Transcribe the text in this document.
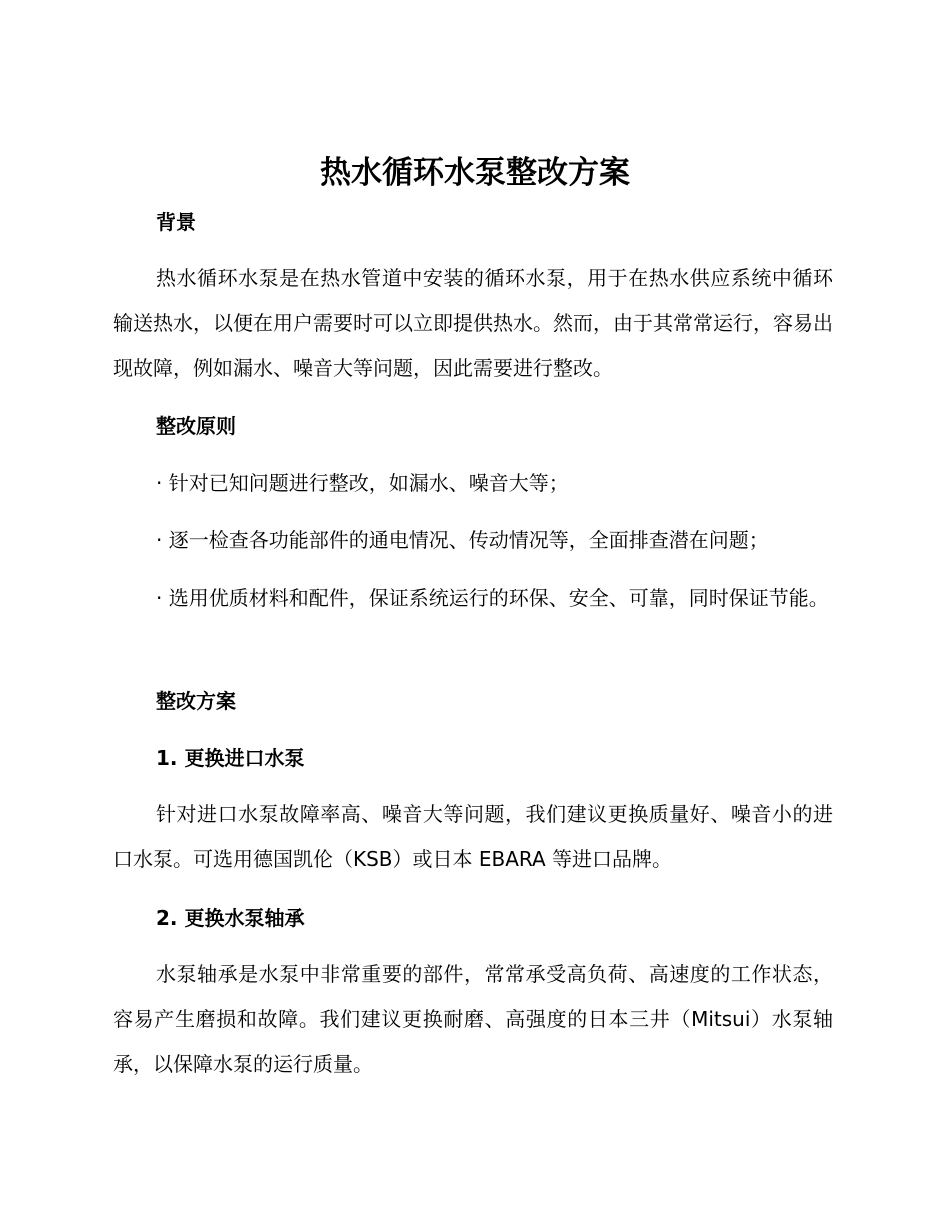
热水循环水泵整改方案
背景

热水循环水泵是在热水管道中安装的循环水泵，用于在热水供应系统中循环输送热水，以便在用户需要时可以立即提供热水。然而，由于其常常运行，容易出现故障，例如漏水、噪音大等问题，因此需要进行整改。

整改原则

· 针对已知问题进行整改，如漏水、噪音大等；

· 逐一检查各功能部件的通电情况、传动情况等，全面排查潜在问题；

· 选用优质材料和配件，保证系统运行的环保、安全、可靠，同时保证节能。

整改方案
1. 更换进口水泵

针对进口水泵故障率高、噪音大等问题，我们建议更换质量好、噪音小的进口水泵。可选用德国凯伦（KSB）或日本 EBARA 等进口品牌。

2. 更换水泵轴承

水泵轴承是水泵中非常重要的部件，常常承受高负荷、高速度的工作状态，容易产生磨损和故障。我们建议更换耐磨、高强度的日本三井（Mitsui）水泵轴承，以保障水泵的运行质量。
